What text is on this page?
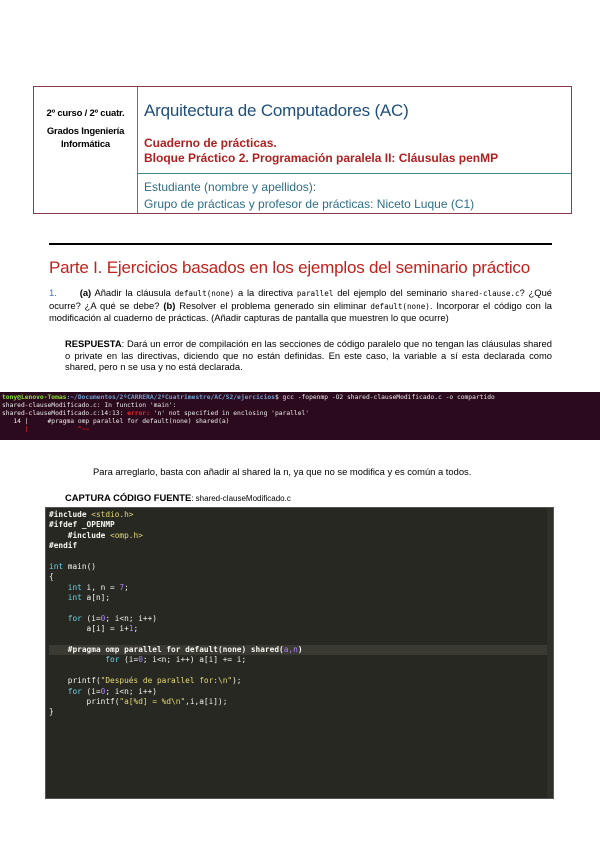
2º curso / 2º cuatr.
Grados Ingeniería
Informática
Arquitectura de Computadores (AC)
Cuaderno de prácticas.
Bloque Práctico 2. Programación paralela II: Cláusulas penMP
Estudiante (nombre y apellidos):
Grupo de prácticas y profesor de prácticas: Niceto Luque (C1)
Parte I. Ejercicios basados en los ejemplos del seminario práctico
1. (a) Añadir la cláusula default(none) a la directiva parallel del ejemplo del seminario shared-clause.c? ¿Qué ocurre? ¿A qué se debe? (b) Resolver el problema generado sin eliminar default(none). Incorporar el código con la modificación al cuaderno de prácticas. (Añadir capturas de pantalla que muestren lo que ocurre)
RESPUESTA: Dará un error de compilación en las secciones de código paralelo que no tengan las cláusulas shared o private en las directivas, diciendo que no están definidas. En este caso, la variable a sí esta declarada como shared, pero n se usa y no está declarada.
tony@Lenovo-Tomas:~/Documentos/2ºCARRERA/2ºCuatrimestre/AC/S2/ejercicios$ gcc -fopenmp -O2 shared-clauseModificado.c -o compartido
shared-clauseModificado.c: In function 'main':
shared-clauseModificado.c:14:13: error: 'n' not specified in enclosing 'parallel'
14 |     #pragma omp parallel for default(none) shared(a)
|             ^~~
Para arreglarlo, basta con añadir al shared la n, ya que no se modifica y es común a todos.
CAPTURA CÓDIGO FUENTE: shared-clauseModificado.c
#include <stdio.h>
#ifdef _OPENMP
#include <omp.h>
#endif

int main()
{
int i, n = 7;
int a[n];

for (i=0; i<n; i++)
a[i] = i+1;

#pragma omp parallel for default(none) shared(a,n)
for (i=0; i<n; i++) a[i] += i;

printf("Después de parallel for:\n");
for (i=0; i<n; i++)
printf("a[%d] = %d\n",i,a[i]);
}
